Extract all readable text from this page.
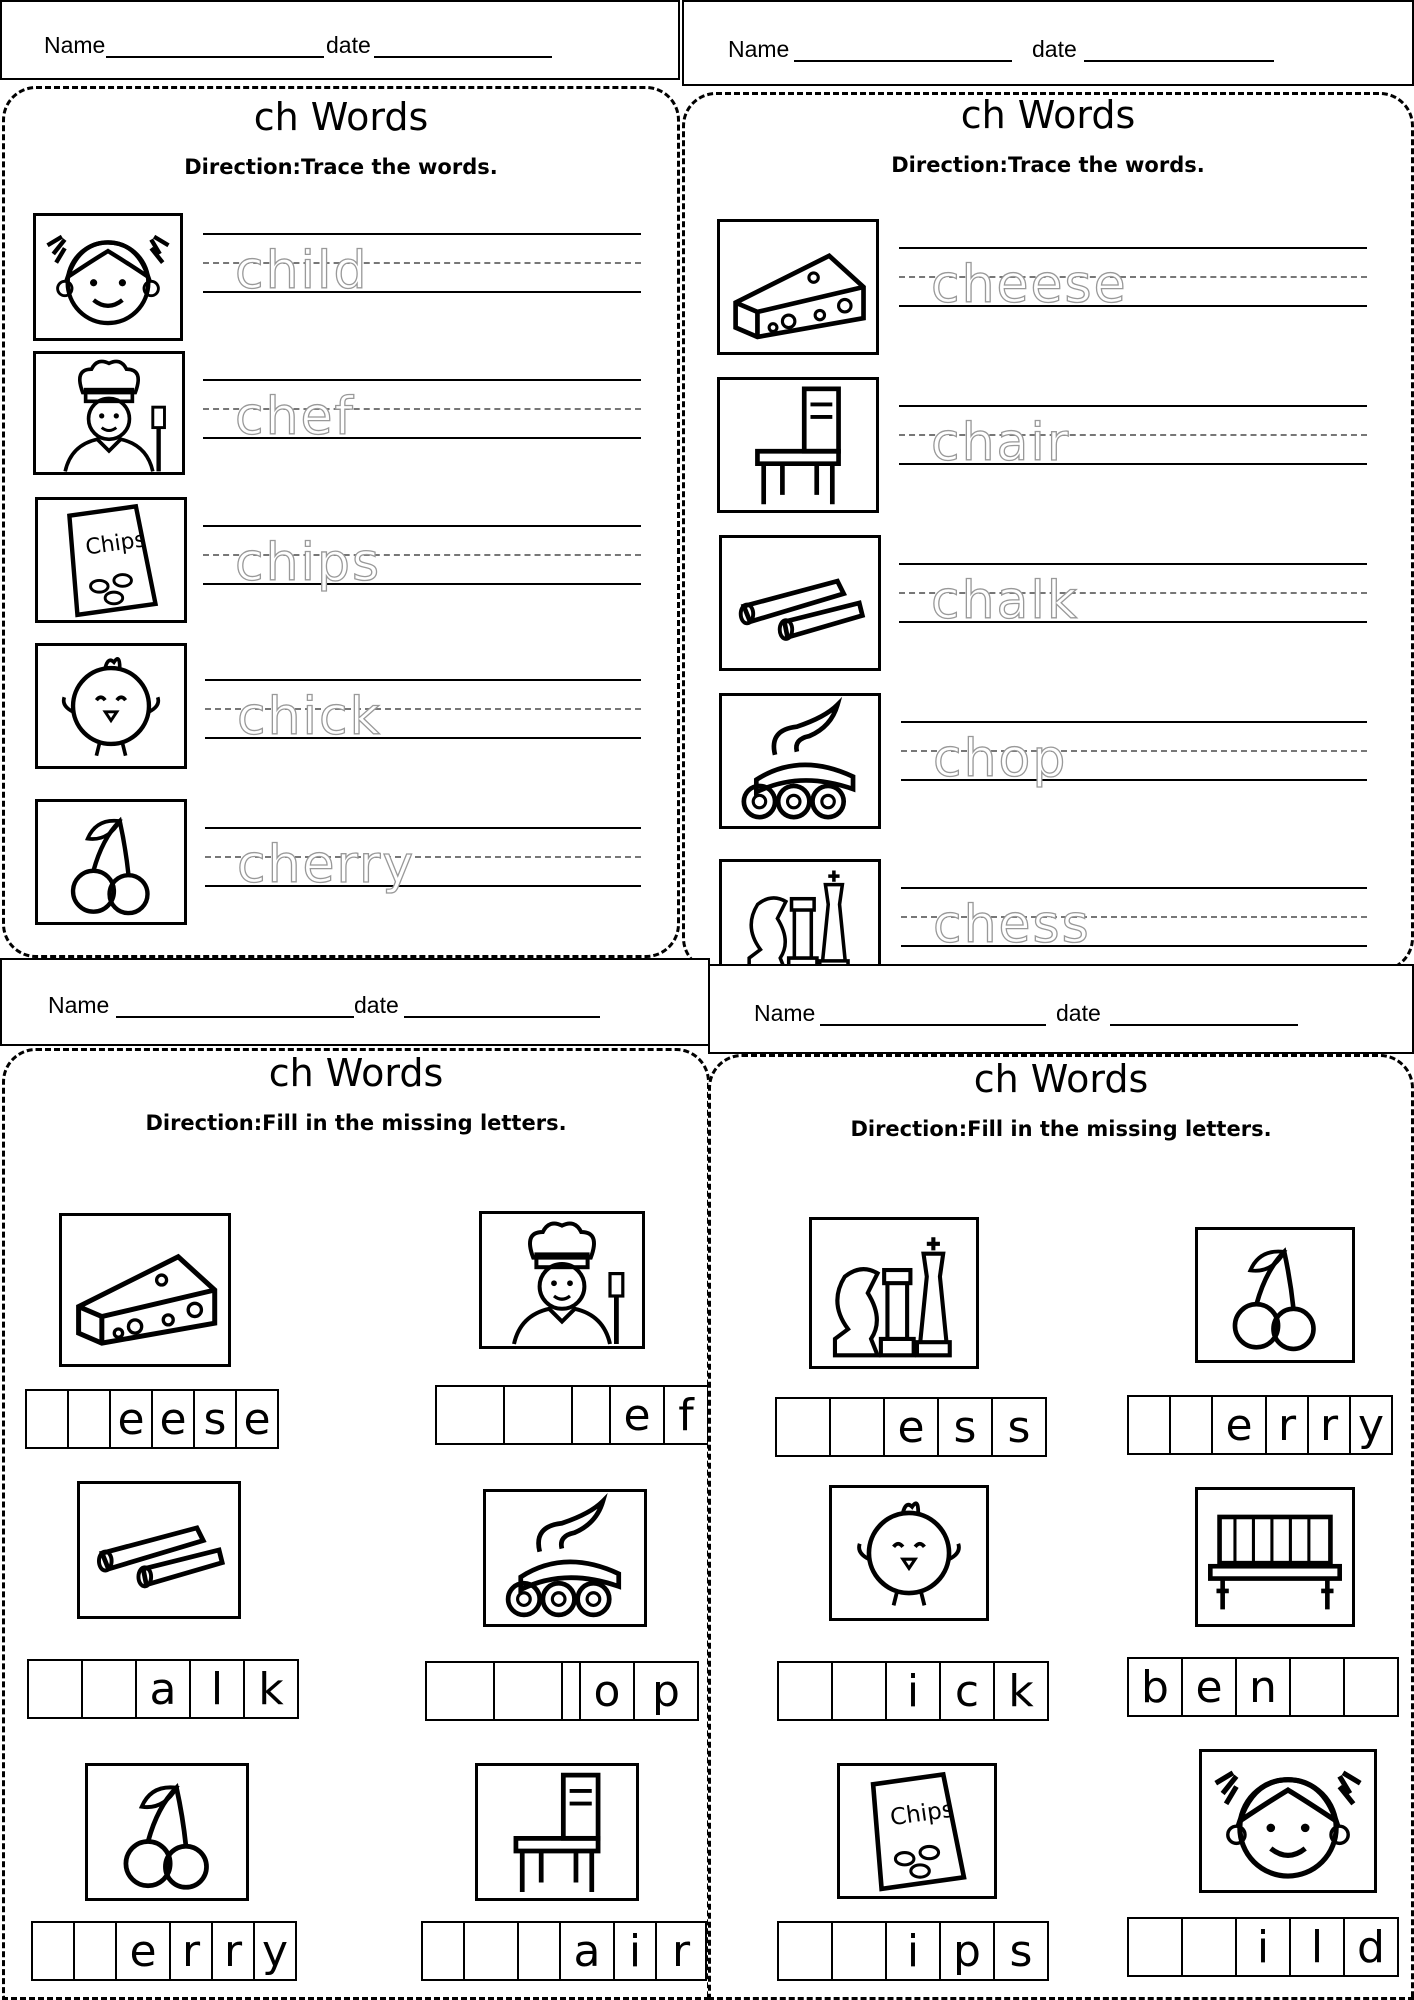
Name	date	Name	date
ch Words
Direction:Trace the words.
child
chef
chips
chick
cherry
ch Words
Direction:Trace the words.
cheese
chair
chalk
chop
chess
Name	date	Name	date
ch Words
Direction:Fill in the missing letters.
e e s e	e f
a l k	o p
e r r y	a i r
ch Words
Direction:Fill in the missing letters.
e s s	e r r y
i c k	b e n
i p s	i l d
